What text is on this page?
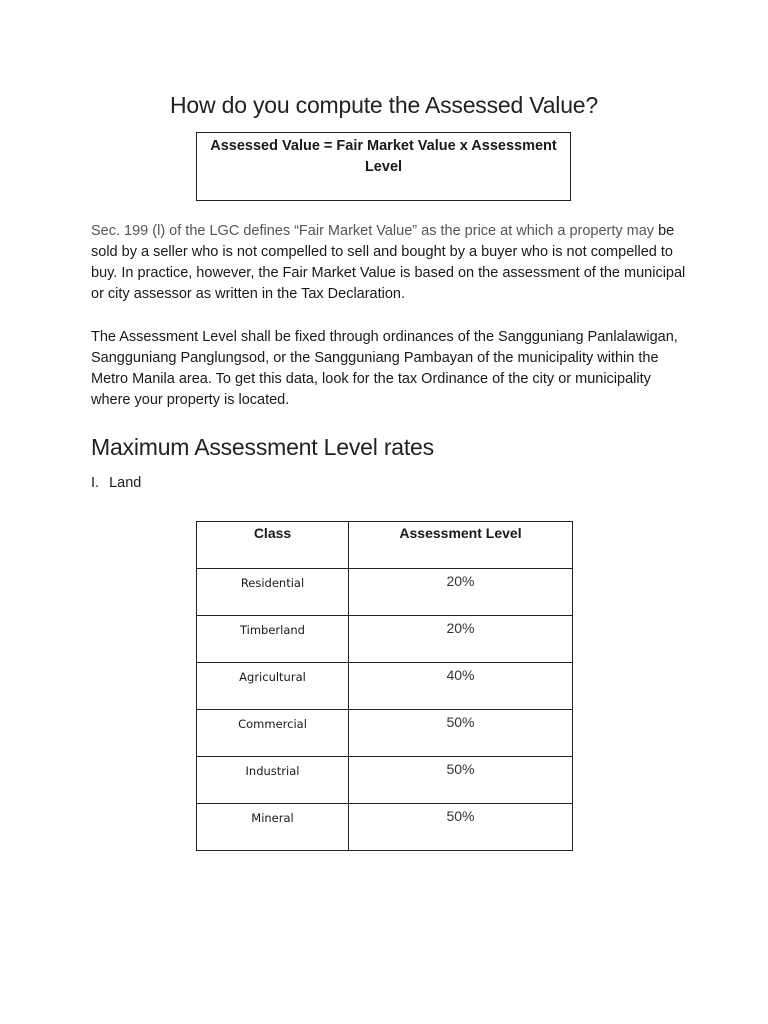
How do you compute the Assessed Value?
Assessed Value = Fair Market Value x Assessment Level

Sec. 199 (l) of the LGC defines “Fair Market Value” as the price at which a property may be sold by a seller who is not compelled to sell and bought by a buyer who is not compelled to buy. In practice, however, the Fair Market Value is based on the assessment of the municipal or city assessor as written in the Tax Declaration.

The Assessment Level shall be fixed through ordinances of the Sangguniang Panlalawigan, Sangguniang Panglungsod, or the Sangguniang Pambayan of the municipality within the Metro Manila area. To get this data, look for the tax Ordinance of the city or municipality where your property is located.

Maximum Assessment Level rates
I. Land
Class	Assessment Level
Residential	20%
Timberland	20%
Agricultural	40%
Commercial	50%
Industrial	50%
Mineral	50%
